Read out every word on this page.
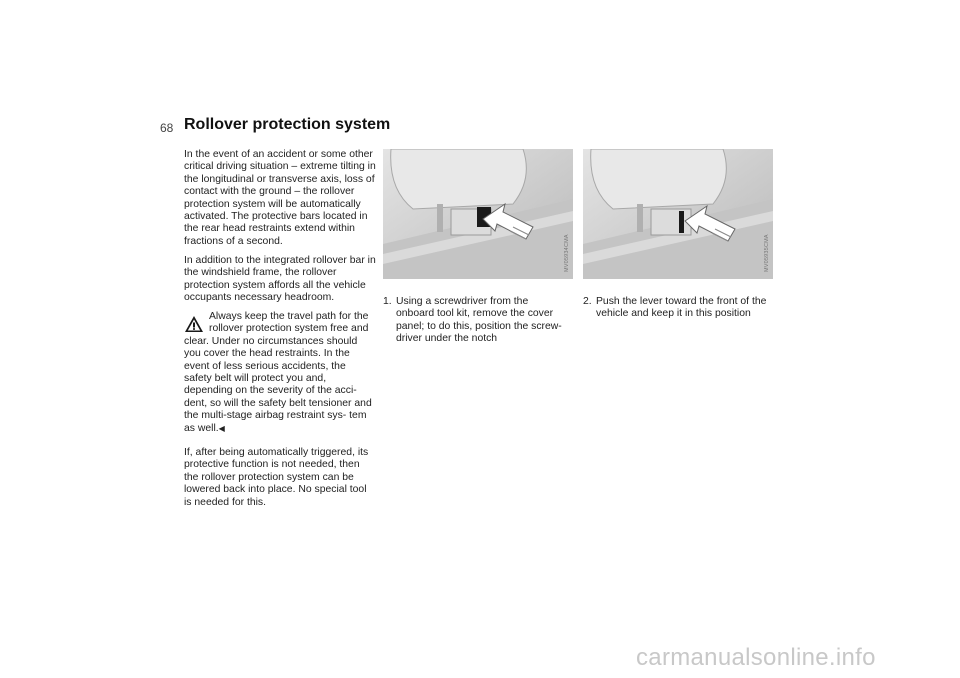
68 Rollover protection system

In the event of an accident or some other critical driving situation – extreme tilting in the longitudinal or transverse axis, loss of contact with the ground – the rollover protection system will be automatically activated. The protective bars located in the rear head restraints extend within fractions of a second.

In addition to the integrated rollover bar in the windshield frame, the rollover protection system affords all the vehicle occupants necessary headroom.

Always keep the travel path for the rollover protection system free and clear. Under no circumstances should you cover the head restraints. In the event of less serious accidents, the safety belt will protect you and, depending on the severity of the acci- dent, so will the safety belt tensioner and the multi-stage airbag restraint sys- tem as well.◀

If, after being automatically triggered, its protective function is not needed, then the rollover protection system can be lowered back into place. No special tool is needed for this.

MV05934CMA	MV05935CMA
1. Using a screwdriver from the onboard tool kit, remove the cover panel; to do this, position the screw- driver under the notch
2. Push the lever toward the front of the vehicle and keep it in this position
carmanualsonline.info
